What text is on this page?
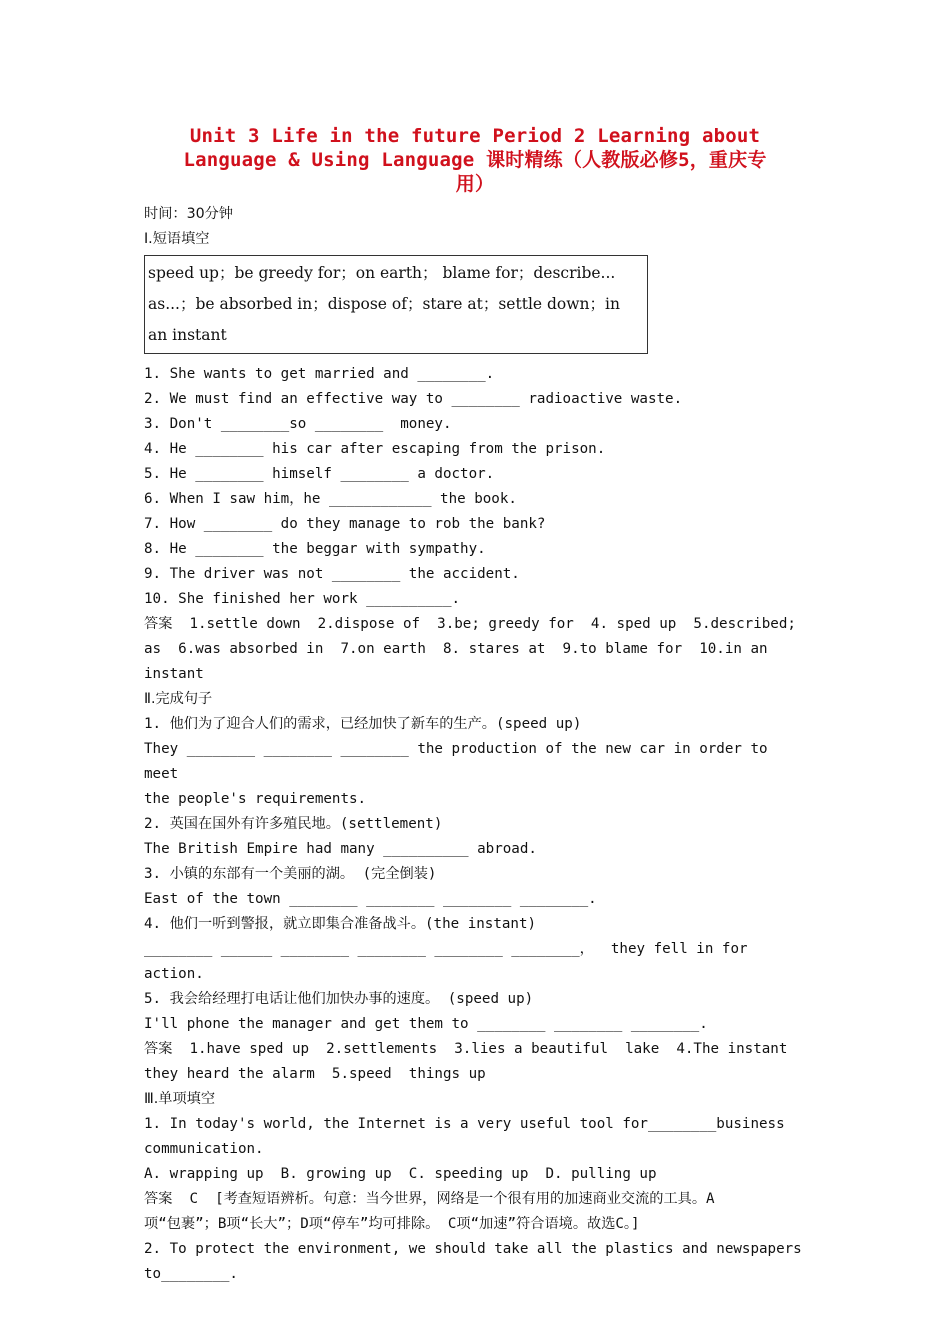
Unit 3 Life in the future Period 2 Learning about
Language & Using Language 课时精练（人教版必修5，重庆专
用）
时间：30分钟
Ⅰ.短语填空
speed up；be greedy for；on earth； blame for；describe... as...；be absorbed in；dispose of；stare at；settle down；in an instant
1. She wants to get married and ________.
2. We must find an effective way to ________ radioactive waste.
3. Don't ________so ________  money.
4. He ________ his car after escaping from the prison.
5. He ________ himself ________ a doctor.
6. When I saw him，he ____________ the book.
7. How ________ do they manage to rob the bank?
8. He ________ the beggar with sympathy.
9. The driver was not ________ the accident.
10. She finished her work __________.
答案  1.settle down  2.dispose of  3.be; greedy for  4. sped up  5.described;
as  6.was absorbed in  7.on earth  8. stares at  9.to blame for  10.in an
instant
Ⅱ.完成句子
1. 他们为了迎合人们的需求，已经加快了新车的生产。(speed up)
They ________ ________ ________ the production of the new car in order to meet
the people's requirements.
2. 英国在国外有许多殖民地。(settlement)
The British Empire had many __________ abroad.
3. 小镇的东部有一个美丽的湖。 (完全倒装)
East of the town ________ ________ ________ ________.
4. 他们一听到警报，就立即集合准备战斗。(the instant)
________ ______ ________ ________ ________ ________，  they fell in for action.
5. 我会给经理打电话让他们加快办事的速度。 (speed up)
I'll phone the manager and get them to ________ ________ ________.
答案  1.have sped up  2.settlements  3.lies a beautiful  lake  4.The instant
they heard the alarm  5.speed  things up
Ⅲ.单项填空
1. In today's world, the Internet is a very useful tool for________business
communication.
A. wrapping up  B. growing up  C. speeding up  D. pulling up
答案  C  [考查短语辨析。句意：当今世界，网络是一个很有用的加速商业交流的工具。A
项“包裹”；B项“长大”；D项“停车”均可排除。 C项“加速”符合语境。故选C。]
2. To protect the environment, we should take all the plastics and newspapers
to________.
